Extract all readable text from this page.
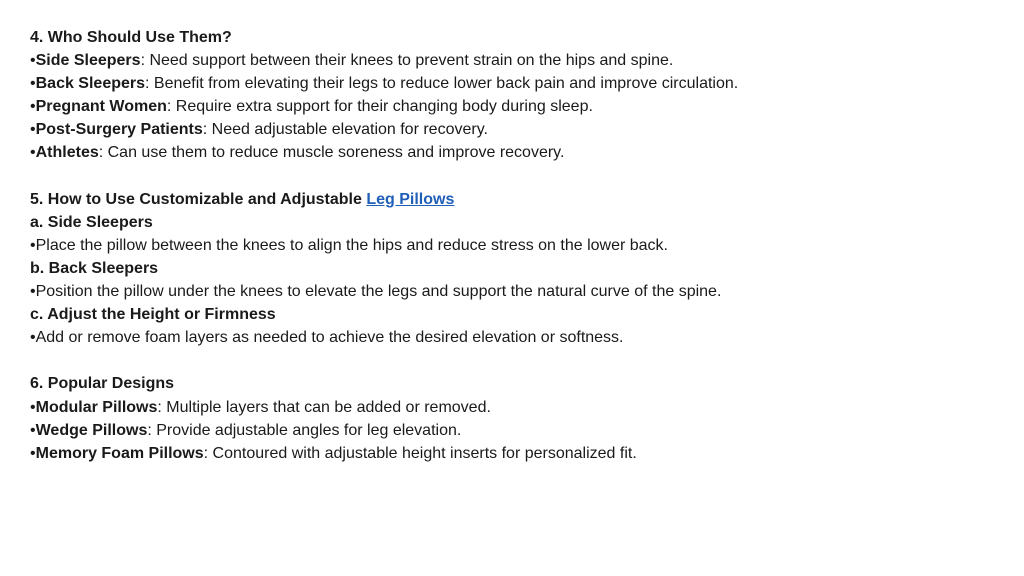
4. Who Should Use Them?
•Side Sleepers: Need support between their knees to prevent strain on the hips and spine.
•Back Sleepers: Benefit from elevating their legs to reduce lower back pain and improve circulation.
•Pregnant Women: Require extra support for their changing body during sleep.
•Post-Surgery Patients: Need adjustable elevation for recovery.
•Athletes: Can use them to reduce muscle soreness and improve recovery.
5. How to Use Customizable and Adjustable Leg Pillows
a. Side Sleepers
•Place the pillow between the knees to align the hips and reduce stress on the lower back.
b. Back Sleepers
•Position the pillow under the knees to elevate the legs and support the natural curve of the spine.
c. Adjust the Height or Firmness
•Add or remove foam layers as needed to achieve the desired elevation or softness.
6. Popular Designs
•Modular Pillows: Multiple layers that can be added or removed.
•Wedge Pillows: Provide adjustable angles for leg elevation.
•Memory Foam Pillows: Contoured with adjustable height inserts for personalized fit.
